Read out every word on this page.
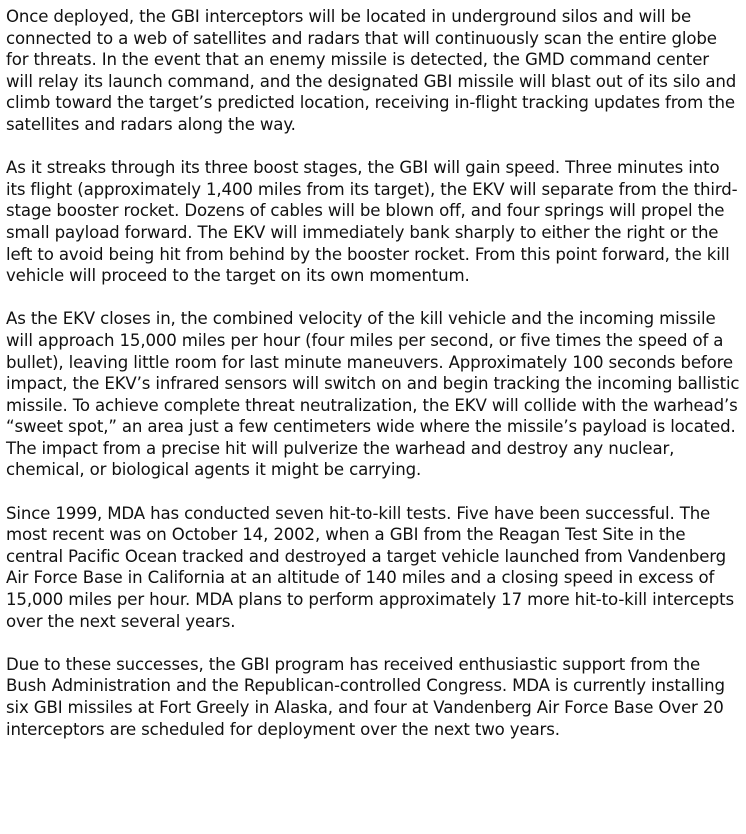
Once deployed, the GBI interceptors will be located in underground silos and will be connected to a web of satellites and radars that will continuously scan the entire globe for threats. In the event that an enemy missile is detected, the GMD command center will relay its launch command, and the designated GBI missile will blast out of its silo and climb toward the target’s predicted location, receiving in-flight tracking updates from the satellites and radars along the way.

As it streaks through its three boost stages, the GBI will gain speed. Three minutes into its flight (approximately 1,400 miles from its target), the EKV will separate from the third-stage booster rocket. Dozens of cables will be blown off, and four springs will propel the small payload forward. The EKV will immediately bank sharply to either the right or the left to avoid being hit from behind by the booster rocket. From this point forward, the kill vehicle will proceed to the target on its own momentum.

As the EKV closes in, the combined velocity of the kill vehicle and the incoming missile will approach 15,000 miles per hour (four miles per second, or five times the speed of a bullet), leaving little room for last minute maneuvers. Approximately 100 seconds before impact, the EKV’s infrared sensors will switch on and begin tracking the incoming ballistic missile. To achieve complete threat neutralization, the EKV will collide with the warhead’s “sweet spot,” an area just a few centimeters wide where the missile’s payload is located. The impact from a precise hit will pulverize the warhead and destroy any nuclear, chemical, or biological agents it might be carrying.

Since 1999, MDA has conducted seven hit-to-kill tests. Five have been successful. The most recent was on October 14, 2002, when a GBI from the Reagan Test Site in the central Pacific Ocean tracked and destroyed a target vehicle launched from Vandenberg Air Force Base in California at an altitude of 140 miles and a closing speed in excess of 15,000 miles per hour. MDA plans to perform approximately 17 more hit-to-kill intercepts over the next several years.

Due to these successes, the GBI program has received enthusiastic support from the Bush Administration and the Republican-controlled Congress. MDA is currently installing six GBI missiles at Fort Greely in Alaska, and four at Vandenberg Air Force Base Over 20 interceptors are scheduled for deployment over the next two years.
